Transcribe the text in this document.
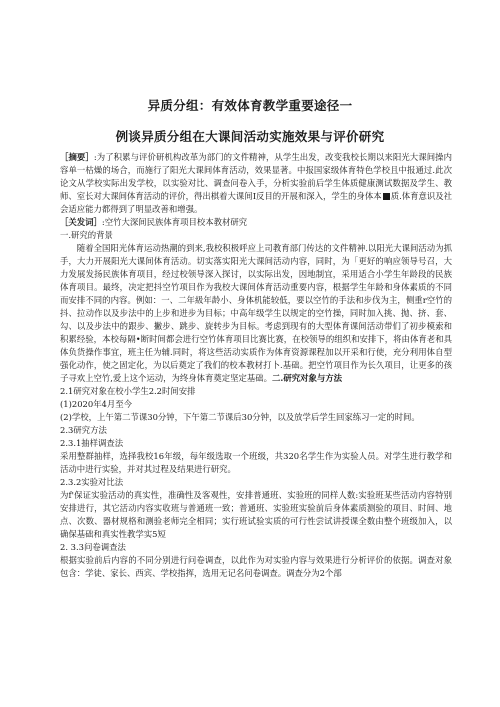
异质分组：有效体育教学重要途径一
例谈异质分组在大课间活动实施效果与评价研究

［摘要］:为了积累与评价研机构改革为部门的文件精神，从学生出发，改变我校长期以来阳光大课间操内容单一枯燥的场合，而施行了阳光大课间体育活动，效果显著。中报国家级体育特色学校且中报通过.此次论文从学校实际出发学校，以实验对比、调查问卷入手，分析实验前后学生体质健康测试数据及学生、教师、室长对大课间体育活动的评价，得出棋着大课间I反目的开展和深入，学生的身体本 质.体育意识及社会适应能力都得到了明显改善和增强。

［关发词］:空竹大深间民族体育项目校本教材研究

一.研究的背景

随着全国阳光体育运动热潮的到来,我校积极呼应上司教育部门传达的文件精神.以阳光大课间活动为抓手，大力开展阳光大课间体育活动。切实落实阳光大课间活动内容，同时，为「更好的响应领导号召，大力发展发扬民族体育项目，经过校领导深入探讨，以实际出发，因地制宜，采用适合小学生年龄段的民族体育项目。最终，决定把抖空竹项目作为我校大课间体育活动重要内容，根据学生年龄和身体素质的不同而安排不同的内容。例如：一、二年級年龄小、身体机能较低，要以空竹的手法和步伐为主，侧重r空竹的抖、拉动作以及步法中的上步和进步为目标；中高年级学生以规定的空竹操，同时加入挑、抛、挤、套、勾、以及步法中的跟步、撇步、跳步、旋转步为目标。考虑到现有的大型体育课间活动带们了初步模索和积累经验，本校每隔•断时间都会进行空竹体育项目比赛比赛，在校领导的组织和安排下，将由体育老和具体负货操作事宜，班主任为辅.同时，将这些活动实质作为体育资源课程加以开采和行使，充分利用体自型强化动作，使之固定化，为以后奠定了我们的校本教材打卜.基础。把空竹项目作为长久项目，让更多的孩子寻欢上空竹,爱上这个运动，为终身体育奠定坚定基础。二.研究对象与方法

2.1研究对象在校小学生2.2时间安排

(1)2020年4月至今

(2)学校，上午第二节课30分钟，下午第二节课后30分钟，以及放学后学生回家练习一定的时间。

2.3研究方法

2.3.1抽样调查法

采用整群抽样，选择我校16年级，每年级选取一个班级，共320名学生作为实验人员。对学生进行教学和活动中进行实验，并对其过程及结果进行研究。

2.3.2实验对比法

为f'保证实验活动的真实性，准确性及客观性，安排普通班、实验班的同样人数:实验班某些活动内容特别安排进行，其它活动内容实收班与普通班一致；普通班、实验班实验前后身体素质测验的项目、时间、地点、次数、器材规格和测验老师完全相同；实行班试验实质的可行性尝试讲授课全数由整个班级加入，以确保基础和真实性教学实5短

2. 3.3问卷调查法

根据实验前后内容的不同分别进行问卷调查，以此作为对实验内容与效果进行分析评价的依据。调查对象包含：学徒、家长、西宾、学校指挥，选用无记名问卷调查。调查分为2个部
